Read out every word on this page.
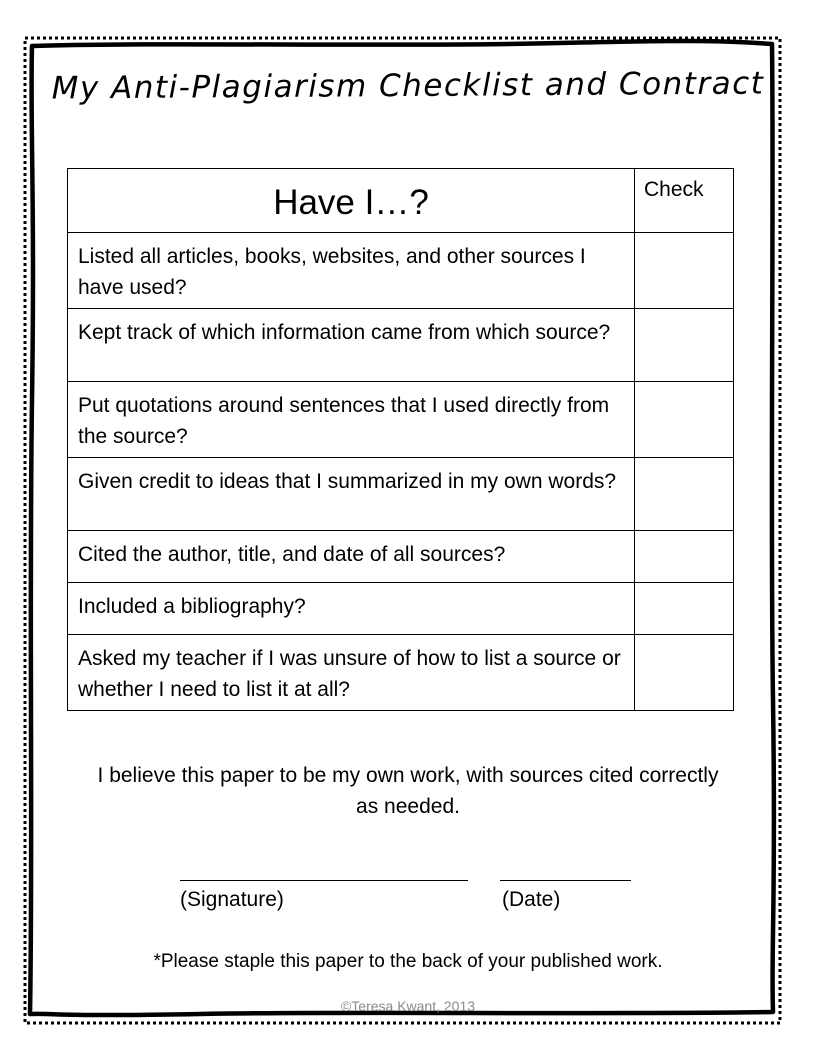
My Anti-Plagiarism Checklist and Contract
Have I…?	Check
Listed all articles, books, websites, and other sources I have used?	
Kept track of which information came from which source?	
Put quotations around sentences that I used directly from the source?	
Given credit to ideas that I summarized in my own words?	
Cited the author, title, and date of all sources?	
Included a bibliography?	
Asked my teacher if I was unsure of how to list a source or whether I need to list it at all?	
I believe this paper to be my own work, with sources cited correctly as needed.
(Signature)	(Date)
*Please staple this paper to the back of your published work.
©Teresa Kwant, 2013
